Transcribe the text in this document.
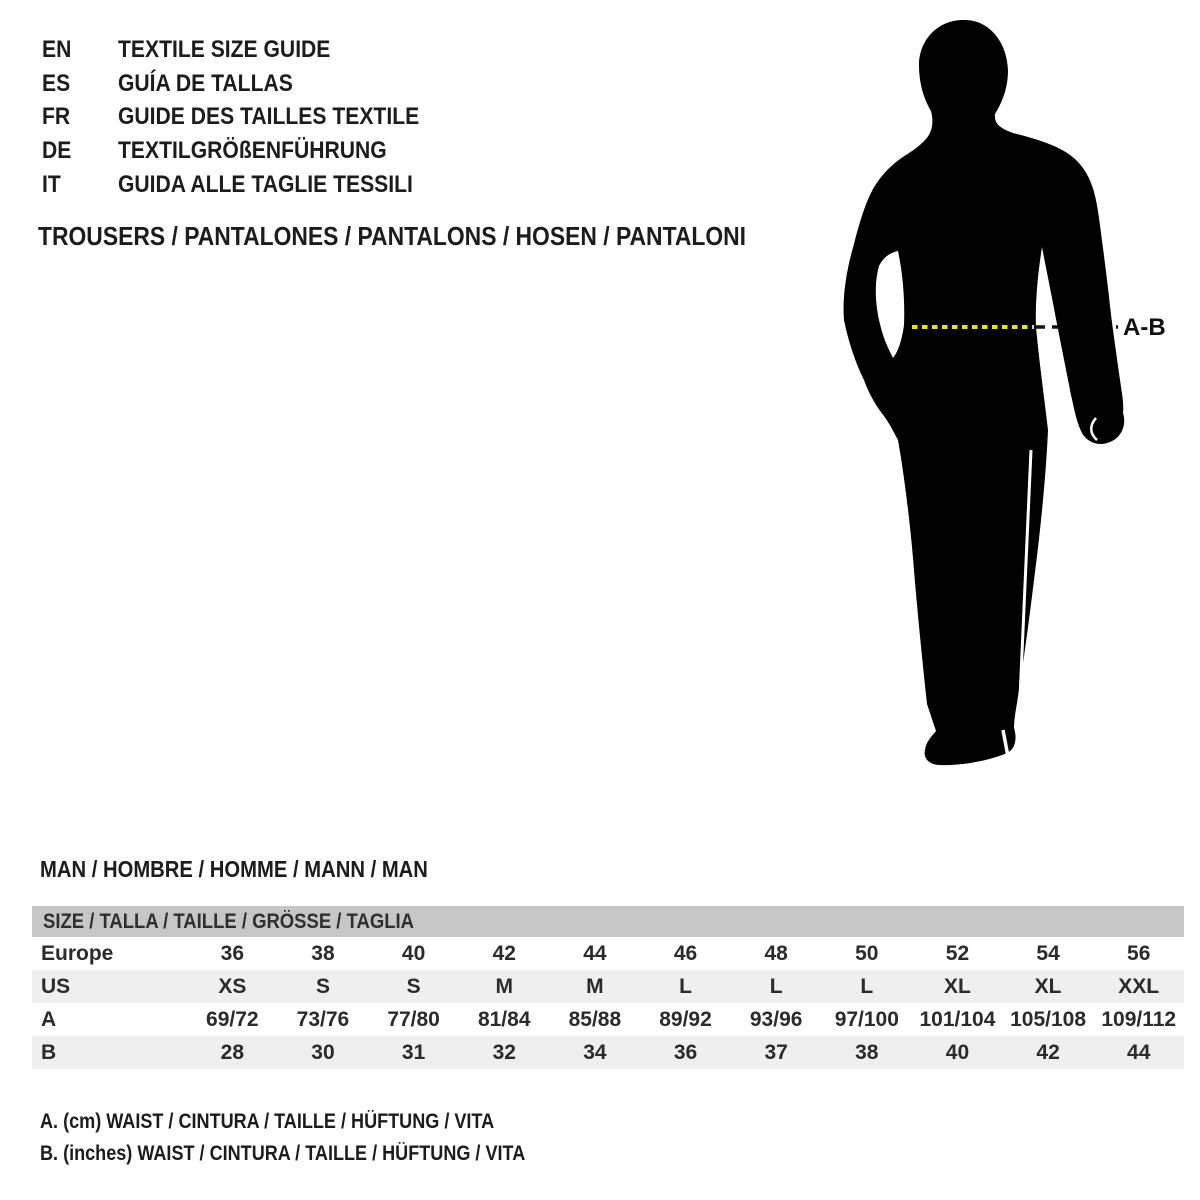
EN TEXTILE SIZE GUIDE
ES GUÍA DE TALLAS
FR GUIDE DES TAILLES TEXTILE
DE TEXTILGRÖßENFÜHRUNG
IT GUIDA ALLE TAGLIE TESSILI
TROUSERS / PANTALONES / PANTALONS / HOSEN / PANTALONI
A-B
MAN / HOMBRE / HOMME / MANN / MAN
SIZE / TALLA / TAILLE / GRÖSSE / TAGLIA
Europe	36	38	40	42	44	46	48	50	52	54	56
US	XS	S	S	M	M	L	L	L	XL	XL	XXL
A	69/72	73/76	77/80	81/84	85/88	89/92	93/96	97/100 101/104 105/108 109/112
B	28	30	31	32	34	36	37	38	40	42	44
A. (cm) WAIST / CINTURA / TAILLE / HÜFTUNG / VITA
B. (inches) WAIST / CINTURA / TAILLE / HÜFTUNG / VITA
